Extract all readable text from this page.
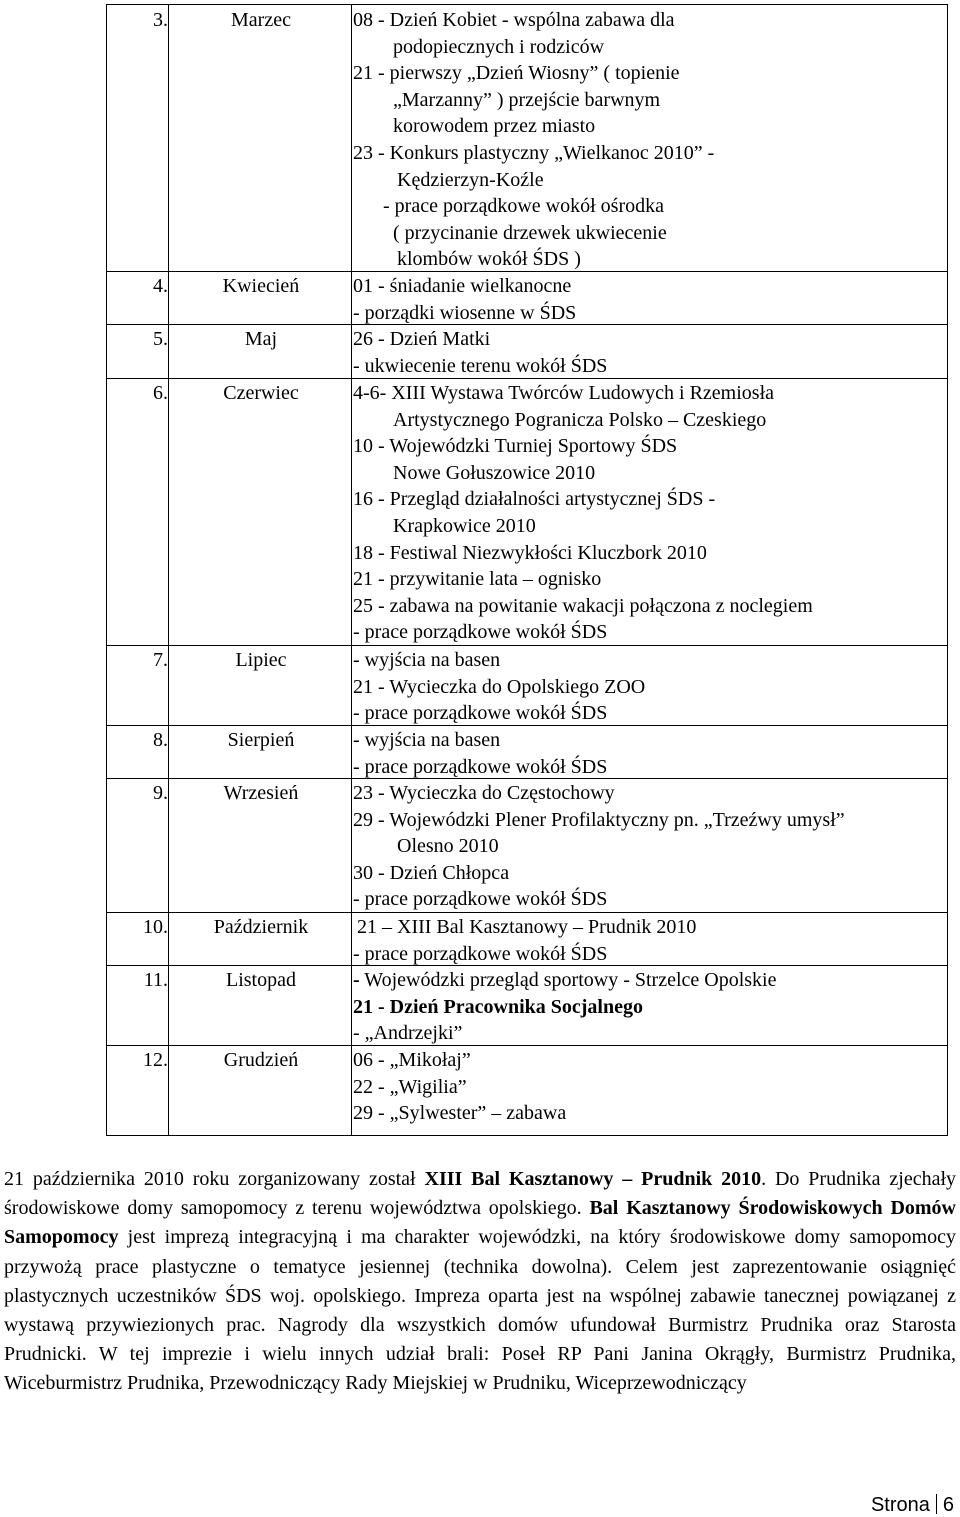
3.	Marzec	08 - Dzień Kobiet - wspólna zabawa dla
podopiecznych i rodziców
21 - pierwszy „Dzień Wiosny” ( topienie
„Marzanny” ) przejście barwnym
korowodem przez miasto
23 - Konkurs plastyczny „Wielkanoc 2010” -
Kędzierzyn-Koźle
- prace porządkowe wokół ośrodka
( przycinanie drzewek ukwiecenie
klombów wokół ŚDS )
4.	Kwiecień	01 - śniadanie wielkanocne
- porządki wiosenne w ŚDS
5.	Maj	26 - Dzień Matki
- ukwiecenie terenu wokół ŚDS
6.	Czerwiec	4-6- XIII Wystawa Twórców Ludowych i Rzemiosła
Artystycznego Pogranicza Polsko – Czeskiego
10 - Wojewódzki Turniej Sportowy ŚDS
Nowe Gołuszowice 2010
16 - Przegląd działalności artystycznej ŚDS -
Krapkowice 2010
18 - Festiwal Niezwykłości Kluczbork 2010
21 - przywitanie lata – ognisko
25 - zabawa na powitanie wakacji połączona z noclegiem
- prace porządkowe wokół ŚDS
7.	Lipiec	- wyjścia na basen
21 - Wycieczka do Opolskiego ZOO
- prace porządkowe wokół ŚDS
8.	Sierpień	- wyjścia na basen
- prace porządkowe wokół ŚDS
9.	Wrzesień	23 - Wycieczka do Częstochowy
29 - Wojewódzki Plener Profilaktyczny pn. „Trzeźwy umysł”
Olesno 2010
30 - Dzień Chłopca
- prace porządkowe wokół ŚDS
10.	Październik	21 – XIII Bal Kasztanowy – Prudnik 2010
- prace porządkowe wokół ŚDS
11.	Listopad	- Wojewódzki przegląd sportowy - Strzelce Opolskie
21 - Dzień Pracownika Socjalnego
- „Andrzejki”
12.	Grudzień	06 - „Mikołaj”
22 - „Wigilia”
29 - „Sylwester” – zabawa

21 października 2010 roku zorganizowany został XIII Bal Kasztanowy – Prudnik 2010. Do Prudnika zjechały środowiskowe domy samopomocy z terenu województwa opolskiego. Bal Kasztanowy Środowiskowych Domów Samopomocy jest imprezą integracyjną i ma charakter wojewódzki, na który środowiskowe domy samopomocy przywożą prace plastyczne o tematyce jesiennej (technika dowolna). Celem jest zaprezentowanie osiągnięć plastycznych uczestników ŚDS woj. opolskiego. Impreza oparta jest na wspólnej zabawie tanecznej powiązanej z wystawą przywiezionych prac. Nagrody dla wszystkich domów ufundował Burmistrz Prudnika oraz Starosta Prudnicki. W tej imprezie i wielu innych udział brali: Poseł RP Pani Janina Okrągły, Burmistrz Prudnika, Wiceburmistrz Prudnika, Przewodniczący Rady Miejskiej w Prudniku, Wiceprzewodniczący

Strona 6
